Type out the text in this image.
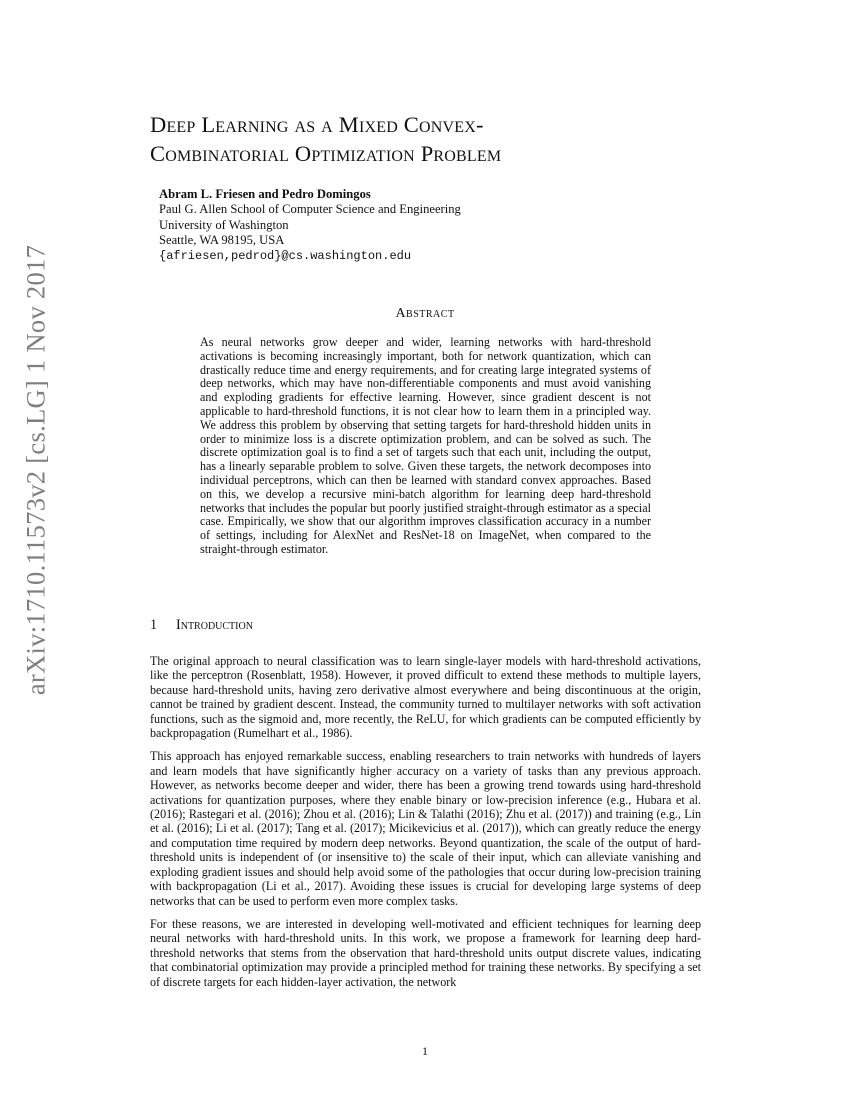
arXiv:1710.11573v2 [cs.LG] 1 Nov 2017
Deep Learning as a Mixed Convex-
Combinatorial Optimization Problem
Abram L. Friesen and Pedro Domingos
Paul G. Allen School of Computer Science and Engineering
University of Washington
Seattle, WA 98195, USA
{afriesen,pedrod}@cs.washington.edu
Abstract

As neural networks grow deeper and wider, learning networks with hard-threshold activations is becoming increasingly important, both for network quantization, which can drastically reduce time and energy requirements, and for creating large integrated systems of deep networks, which may have non-differentiable components and must avoid vanishing and exploding gradients for effective learning. However, since gradient descent is not applicable to hard-threshold functions, it is not clear how to learn them in a principled way. We address this problem by observing that setting targets for hard-threshold hidden units in order to minimize loss is a discrete optimization problem, and can be solved as such. The discrete optimization goal is to find a set of targets such that each unit, including the output, has a linearly separable problem to solve. Given these targets, the network decomposes into individual perceptrons, which can then be learned with standard convex approaches. Based on this, we develop a recursive mini-batch algorithm for learning deep hard-threshold networks that includes the popular but poorly justified straight-through estimator as a special case. Empirically, we show that our algorithm improves classification accuracy in a number of settings, including for AlexNet and ResNet-18 on ImageNet, when compared to the straight-through estimator.

1 Introduction

The original approach to neural classification was to learn single-layer models with hard-threshold activations, like the perceptron (Rosenblatt, 1958). However, it proved difficult to extend these methods to multiple layers, because hard-threshold units, having zero derivative almost everywhere and being discontinuous at the origin, cannot be trained by gradient descent. Instead, the community turned to multilayer networks with soft activation functions, such as the sigmoid and, more recently, the ReLU, for which gradients can be computed efficiently by backpropagation (Rumelhart et al., 1986).

This approach has enjoyed remarkable success, enabling researchers to train networks with hundreds of layers and learn models that have significantly higher accuracy on a variety of tasks than any previous approach. However, as networks become deeper and wider, there has been a growing trend towards using hard-threshold activations for quantization purposes, where they enable binary or low-precision inference (e.g., Hubara et al. (2016); Rastegari et al. (2016); Zhou et al. (2016); Lin & Talathi (2016); Zhu et al. (2017)) and training (e.g., Lin et al. (2016); Li et al. (2017); Tang et al. (2017); Micikevicius et al. (2017)), which can greatly reduce the energy and computation time required by modern deep networks. Beyond quantization, the scale of the output of hard-threshold units is independent of (or insensitive to) the scale of their input, which can alleviate vanishing and exploding gradient issues and should help avoid some of the pathologies that occur during low-precision training with backpropagation (Li et al., 2017). Avoiding these issues is crucial for developing large systems of deep networks that can be used to perform even more complex tasks.

For these reasons, we are interested in developing well-motivated and efficient techniques for learning deep neural networks with hard-threshold units. In this work, we propose a framework for learning deep hard-threshold networks that stems from the observation that hard-threshold units output discrete values, indicating that combinatorial optimization may provide a principled method for training these networks. By specifying a set of discrete targets for each hidden-layer activation, the network

1
